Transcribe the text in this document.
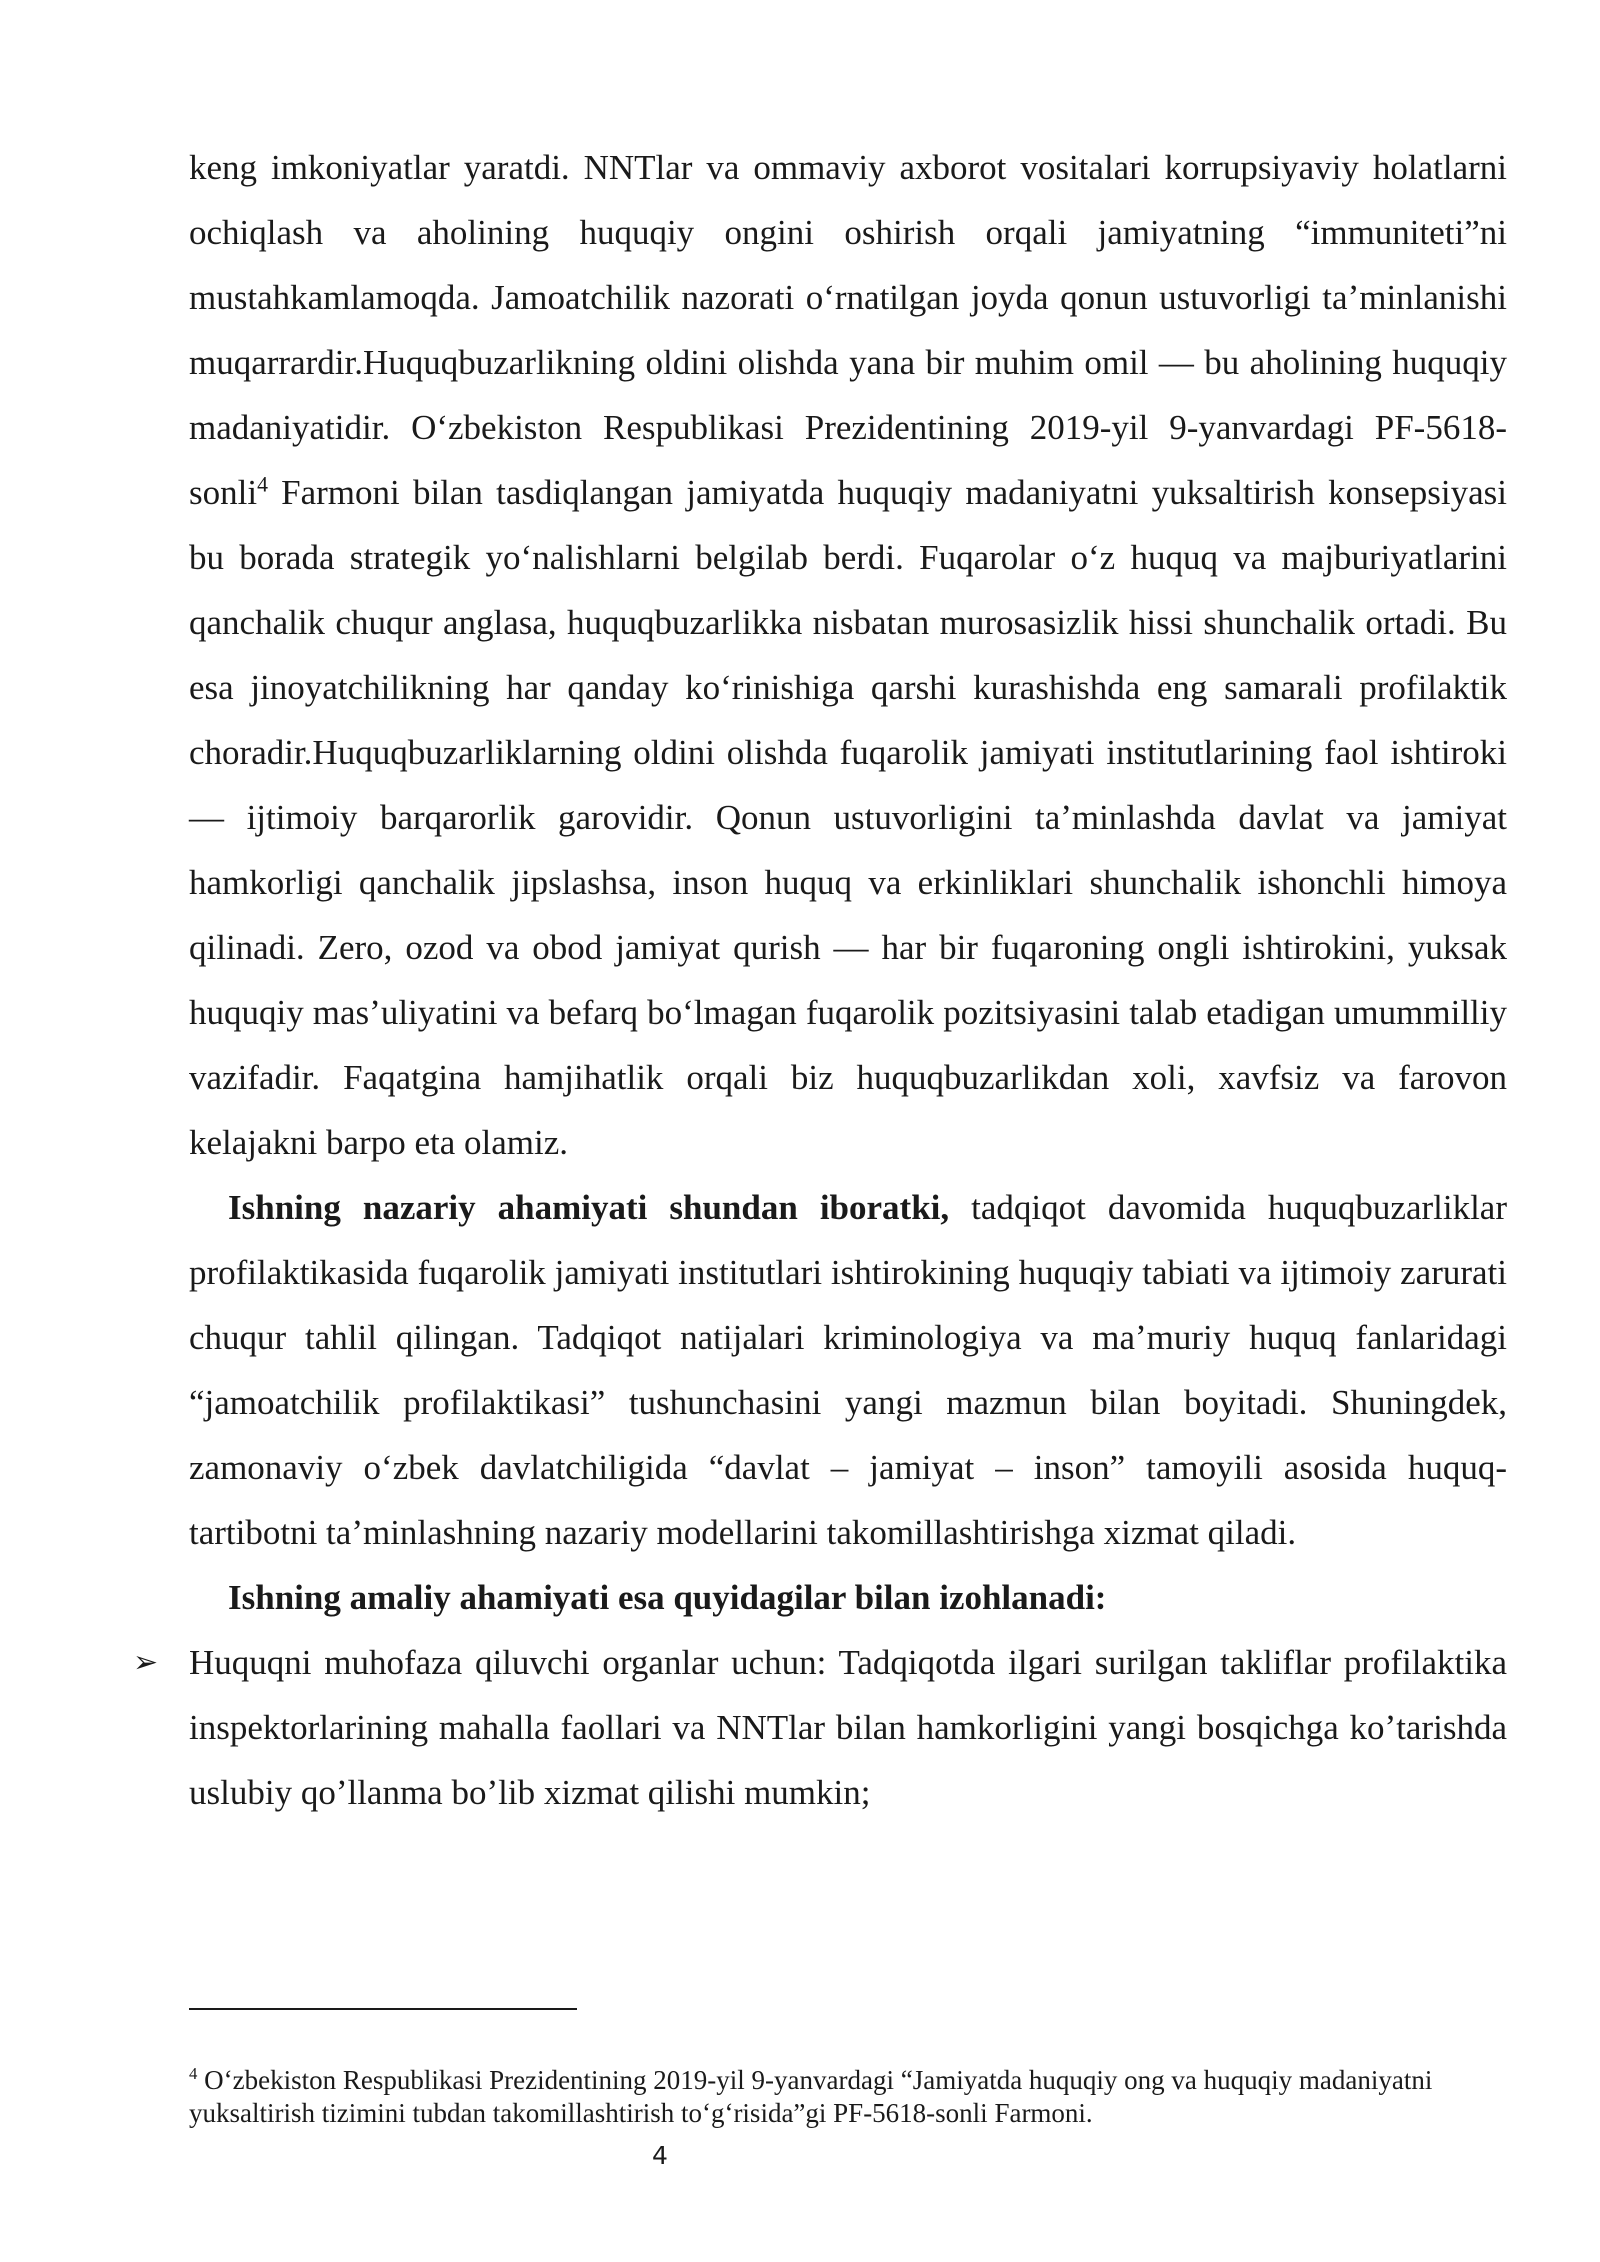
keng imkoniyatlar yaratdi. NNTlar va ommaviy axborot vositalari korrupsiyaviy holatlarni ochiqlash va aholining huquqiy ongini oshirish orqali jamiyatning “immuniteti”ni mustahkamlamoqda. Jamoatchilik nazorati oʻrnatilgan joyda qonun ustuvorligi taʼminlanishi muqarrardir.Huquqbuzarlikning oldini olishda yana bir muhim omil — bu aholining huquqiy madaniyatidir. Oʻzbekiston Respublikasi Prezidentining 2019-yil 9-yanvardagi PF-5618-sonli$^4$ Farmoni bilan tasdiqlangan jamiyatda huquqiy madaniyatni yuksaltirish konsepsiyasi bu borada strategik yoʻnalishlarni belgilab berdi. Fuqarolar oʻz huquq va majburiyatlarini qanchalik chuqur anglasa, huquqbuzarlikka nisbatan murosasizlik hissi shunchalik ortadi. Bu esa jinoyatchilikning har qanday koʻrinishiga qarshi kurashishda eng samarali profilaktik choradir.Huquqbuzarliklarning oldini olishda fuqarolik jamiyati institutlarining faol ishtiroki — ijtimoiy barqarorlik garovidir. Qonun ustuvorligini taʼminlashda davlat va jamiyat hamkorligi qanchalik jipslashsa, inson huquq va erkinliklari shunchalik ishonchli himoya qilinadi. Zero, ozod va obod jamiyat qurish — har bir fuqaroning ongli ishtirokini, yuksak huquqiy masʼuliyatini va befarq boʻlmagan fuqarolik pozitsiyasini talab etadigan umummilliy vazifadir. Faqatgina hamjihatlik orqali biz huquqbuzarlikdan xoli, xavfsiz va farovon kelajakni barpo eta olamiz.

Ishning nazariy ahamiyati shundan iboratki, tadqiqot davomida huquqbuzarliklar profilaktikasida fuqarolik jamiyati institutlari ishtirokining huquqiy tabiati va ijtimoiy zarurati chuqur tahlil qilingan. Tadqiqot natijalari kriminologiya va maʼmuriy huquq fanlaridagi “jamoatchilik profilaktikasi” tushunchasini yangi mazmun bilan boyitadi. Shuningdek, zamonaviy oʻzbek davlatchiligida “davlat – jamiyat – inson” tamoyili asosida huquq-tartibotni taʼminlashning nazariy modellarini takomillashtirishga xizmat qiladi.

Ishning amaliy ahamiyati esa quyidagilar bilan izohlanadi:

➢ Huquqni muhofaza qiluvchi organlar uchun: Tadqiqotda ilgari surilgan takliflar profilaktika inspektorlarining mahalla faollari va NNTlar bilan hamkorligini yangi bosqichga koʼtarishda uslubiy qoʼllanma boʼlib xizmat qilishi mumkin;
$^4$ Oʻzbekiston Respublikasi Prezidentining 2019-yil 9-yanvardagi “Jamiyatda huquqiy ong va huquqiy madaniyatni yuksaltirish tizimini tubdan takomillashtirish toʻgʻrisida”gi PF-5618-sonli Farmoni.
4
